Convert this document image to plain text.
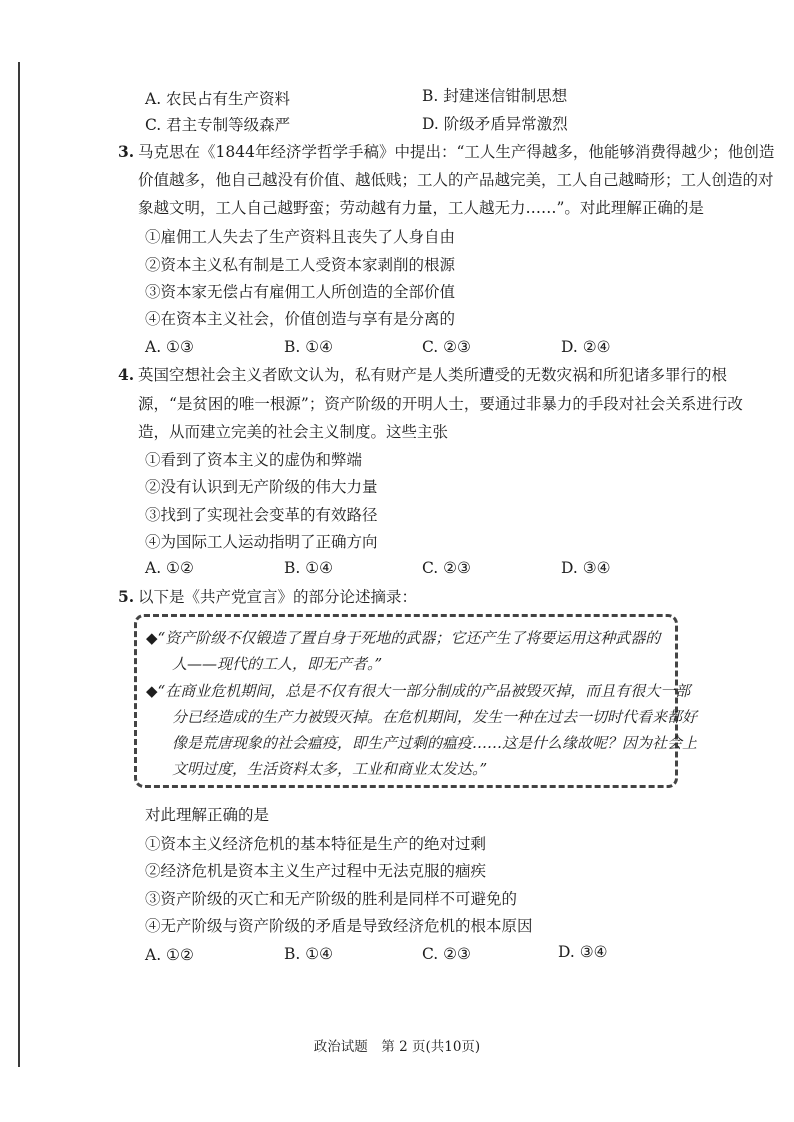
A. 农民占有生产资料	B. 封建迷信钳制思想
C. 君主专制等级森严	D. 阶级矛盾异常激烈
3. 马克思在《1844年经济学哲学手稿》中提出：“工人生产得越多，他能够消费得越少；他创造
价值越多，他自己越没有价值、越低贱；工人的产品越完美，工人自己越畸形；工人创造的对
象越文明，工人自己越野蛮；劳动越有力量，工人越无力……”。对此理解正确的是
①雇佣工人失去了生产资料且丧失了人身自由
②资本主义私有制是工人受资本家剥削的根源
③资本家无偿占有雇佣工人所创造的全部价值
④在资本主义社会，价值创造与享有是分离的
A. ①③	B. ①④	C. ②③	D. ②④
4. 英国空想社会主义者欧文认为，私有财产是人类所遭受的无数灾祸和所犯诸多罪行的根
源，“是贫困的唯一根源”；资产阶级的开明人士，要通过非暴力的手段对社会关系进行改
造，从而建立完美的社会主义制度。这些主张
①看到了资本主义的虚伪和弊端
②没有认识到无产阶级的伟大力量
③找到了实现社会变革的有效路径
④为国际工人运动指明了正确方向
A. ①②	B. ①④	C. ②③	D. ③④
5. 以下是《共产党宣言》的部分论述摘录：
◆“资产阶级不仅锻造了置自身于死地的武器；它还产生了将要运用这种武器的
人——现代的工人，即无产者。”
◆“在商业危机期间，总是不仅有很大一部分制成的产品被毁灭掉，而且有很大一部
分已经造成的生产力被毁灭掉。在危机期间，发生一种在过去一切时代看来都好
像是荒唐现象的社会瘟疫，即生产过剩的瘟疫……这是什么缘故呢？因为社会上
文明过度，生活资料太多，工业和商业太发达。”
对此理解正确的是
①资本主义经济危机的基本特征是生产的绝对过剩
②经济危机是资本主义生产过程中无法克服的痼疾
③资产阶级的灭亡和无产阶级的胜利是同样不可避免的
④无产阶级与资产阶级的矛盾是导致经济危机的根本原因
A. ①②	B. ①④	C. ②③	D. ③④
政治试题　第 2 页(共10页)
